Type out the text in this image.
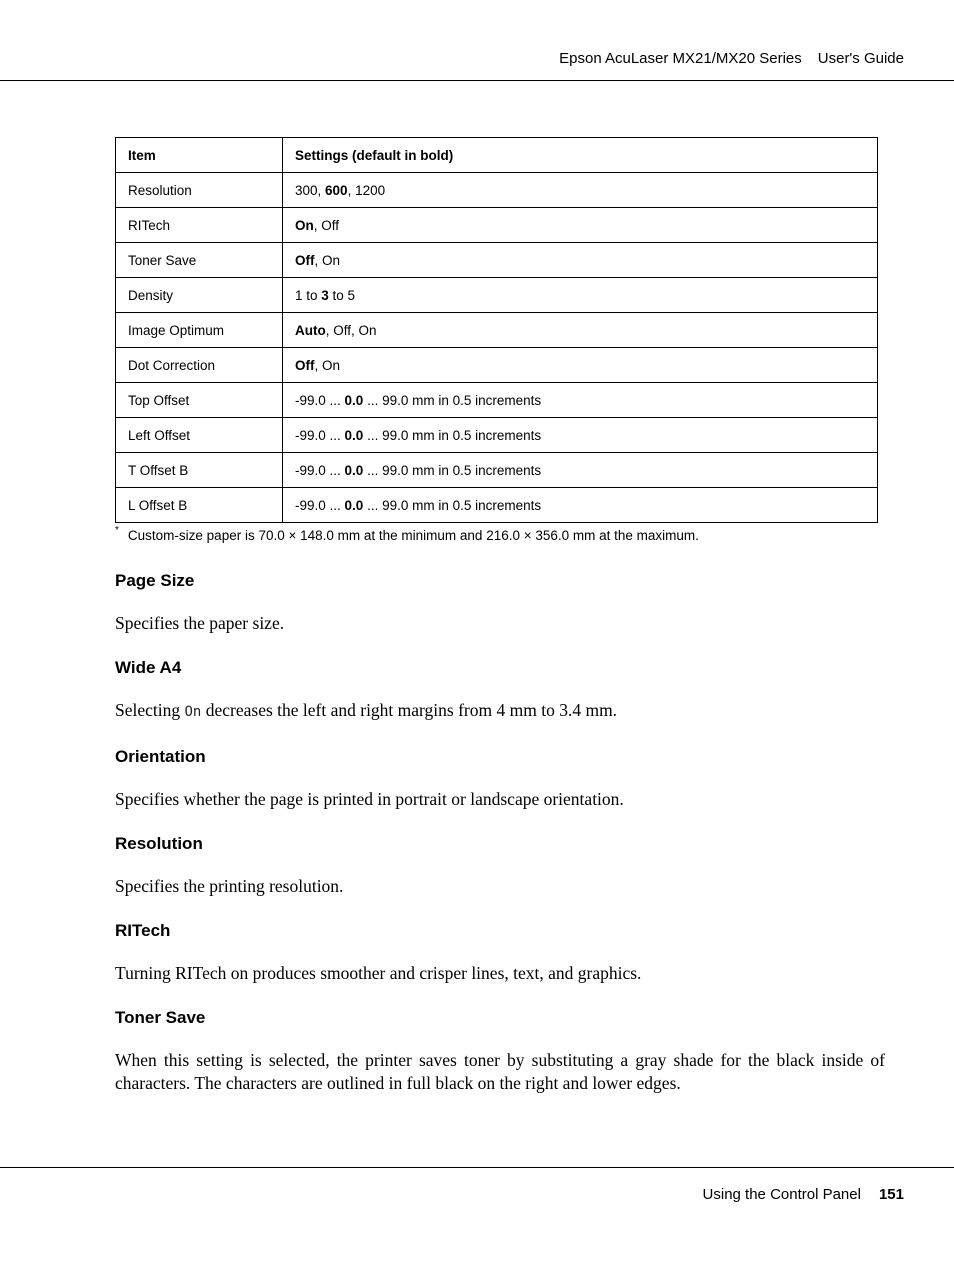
Epson AcuLaser MX21/MX20 Series User's Guide
Item	Settings (default in bold)
Resolution	300, 600, 1200
RITech	On, Off
Toner Save	Off, On
Density	1 to 3 to 5
Image Optimum	Auto, Off, On
Dot Correction	Off, On
Top Offset	-99.0 ... 0.0 ... 99.0 mm in 0.5 increments
Left Offset	-99.0 ... 0.0 ... 99.0 mm in 0.5 increments
T Offset B	-99.0 ... 0.0 ... 99.0 mm in 0.5 increments
L Offset B	-99.0 ... 0.0 ... 99.0 mm in 0.5 increments
* Custom-size paper is 70.0 × 148.0 mm at the minimum and 216.0 × 356.0 mm at the maximum.
Page Size

Specifies the paper size.

Wide A4

Selecting On decreases the left and right margins from 4 mm to 3.4 mm.

Orientation

Specifies whether the page is printed in portrait or landscape orientation.

Resolution

Specifies the printing resolution.

RITech

Turning RITech on produces smoother and crisper lines, text, and graphics.

Toner Save

When this setting is selected, the printer saves toner by substituting a gray shade for the black inside of characters. The characters are outlined in full black on the right and lower edges.

Using the Control Panel 151
